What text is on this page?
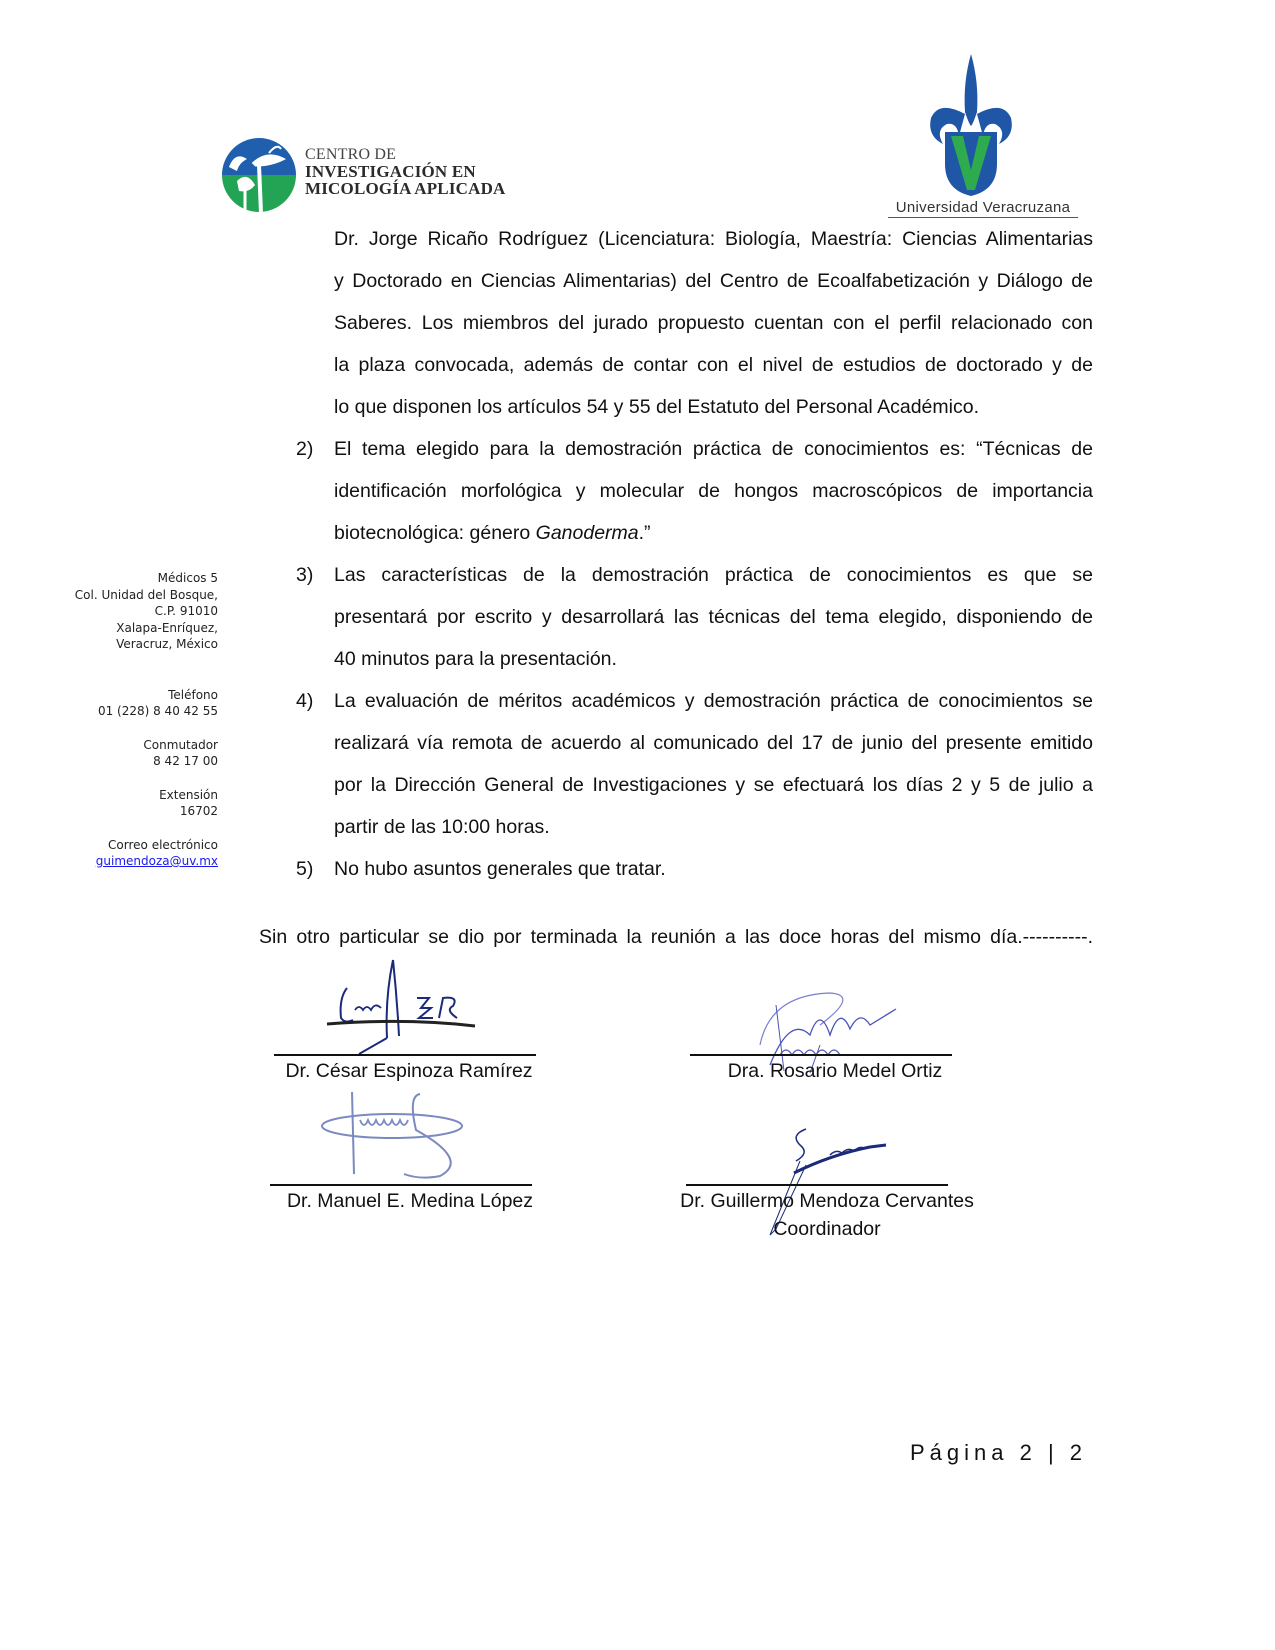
CENTRO DE
INVESTIGACIÓN EN
MICOLOGÍA APLICADA
Universidad Veracruzana
Médicos 5
Col. Unidad del Bosque,
C.P. 91010
Xalapa-Enríquez,
Veracruz, México
Teléfono
01 (228) 8 40 42 55
Conmutador
8 42 17 00
Extensión
16702
Correo electrónico
guimendoza@uv.mx
Dr. Jorge Ricaño Rodríguez (Licenciatura: Biología, Maestría: Ciencias Alimentarias
y Doctorado en Ciencias Alimentarias) del Centro de Ecoalfabetización y Diálogo de
Saberes. Los miembros del jurado propuesto cuentan con el perfil relacionado con
la plaza convocada, además de contar con el nivel de estudios de doctorado y de
lo que disponen los artículos 54 y 55 del Estatuto del Personal Académico.
2) El tema elegido para la demostración práctica de conocimientos es: “Técnicas de
identificación morfológica y molecular de hongos macroscópicos de importancia
biotecnológica: género Ganoderma.”
3) Las características de la demostración práctica de conocimientos es que se
presentará por escrito y desarrollará las técnicas del tema elegido, disponiendo de
40 minutos para la presentación.
4) La evaluación de méritos académicos y demostración práctica de conocimientos se
realizará vía remota de acuerdo al comunicado del 17 de junio del presente emitido
por la Dirección General de Investigaciones y se efectuará los días 2 y 5 de julio a
partir de las 10:00 horas.
5) No hubo asuntos generales que tratar.
Sin otro particular se dio por terminada la reunión a las doce horas del mismo día.----------.
Dr. César Espinoza Ramírez	Dra. Rosario Medel Ortiz
Dr. Manuel E. Medina López	Dr. Guillermo Mendoza Cervantes
Coordinador
Página 2 | 2
